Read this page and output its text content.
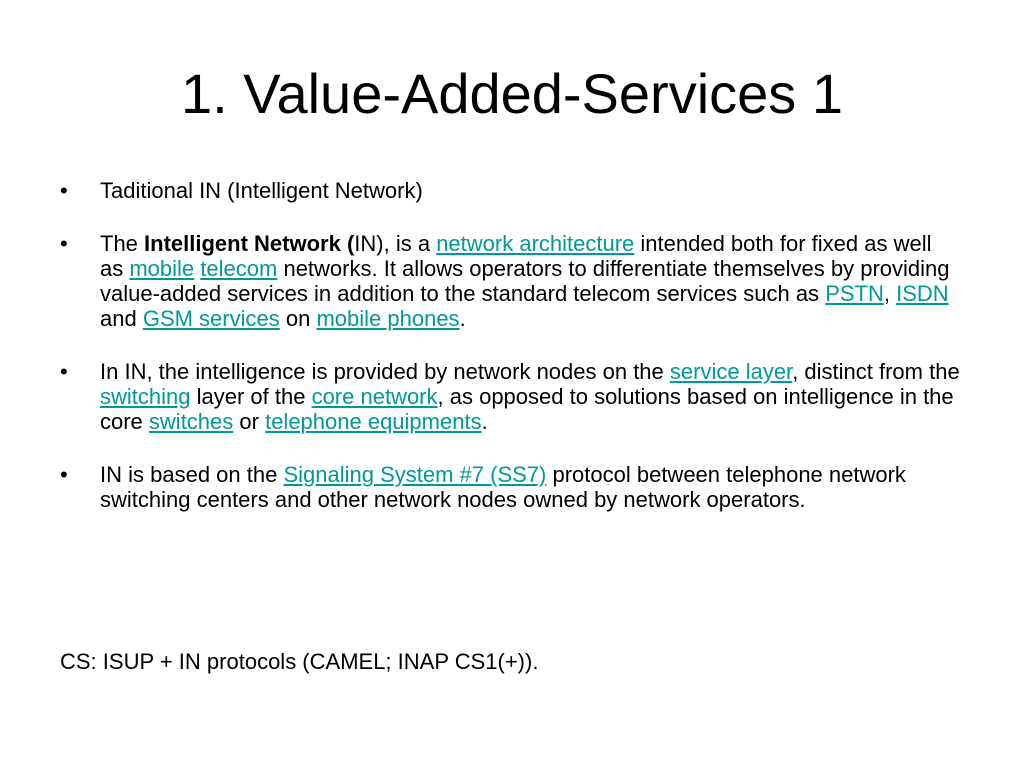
1. Value-Added-Services 1
•	Taditional IN (Intelligent Network)
•	The Intelligent Network (IN), is a network architecture intended both for fixed as well as mobile telecom networks. It allows operators to differentiate themselves by providing value-added services in addition to the standard telecom services such as PSTN, ISDN and GSM services on mobile phones.
•	In IN, the intelligence is provided by network nodes on the service layer, distinct from the switching layer of the core network, as opposed to solutions based on intelligence in the core switches or telephone equipments.
•	IN is based on the Signaling System #7 (SS7) protocol between telephone network switching centers and other network nodes owned by network operators.

CS: ISUP + IN protocols (CAMEL; INAP CS1(+)).
